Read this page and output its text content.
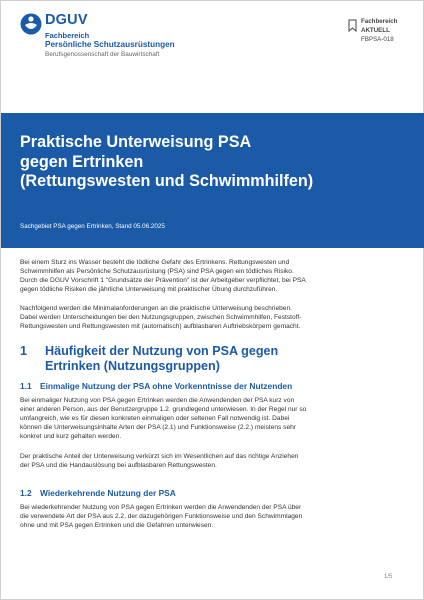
DGUV
Fachbereich
Persönliche Schutzausrüstungen
Berufsgenossenschaft der Bauwirtschaft
Fachbereich
AKTUELL
FBPSA-018
Praktische Unterweisung PSA
gegen Ertrinken
(Rettungswesten und Schwimmhilfen)
Sachgebiet PSA gegen Ertrinken, Stand 05.06.2025
Bei einem Sturz ins Wasser besteht die tödliche Gefahr des Ertrinkens. Rettungswesten und
Schwimmhilfen als Persönliche Schutzausrüstung (PSA) sind PSA gegen ein tödliches Risiko.
Durch die DGUV Vorschrift 1 "Grundsätze der Prävention" ist der Arbeitgeber verpflichtet, bei PSA
gegen tödliche Risiken die jährliche Unterweisung mit praktischer Übung durchzuführen.
Nachfolgend werden die Minimalanforderungen an die praktische Unterweisung beschrieben.
Dabei werden Unterscheidungen bei den Nutzungsgruppen, zwischen Schwimmhilfen, Feststoff-
Rettungswesten und Rettungswesten mit (automatisch) aufblasbaren Auftriebskörpern gemacht.
1 Häufigkeit der Nutzung von PSA gegen
Ertrinken (Nutzungsgruppen)
1.1 Einmalige Nutzung der PSA ohne Vorkenntnisse der Nutzenden
Bei einmaliger Nutzung von PSA gegen Ertrinken werden die Anwendenden der PSA kurz von
einer anderen Person, aus der Benutzergruppe 1.2. grundlegend unterwiesen. In der Regel nur so
umfangreich, wie es für diesen konkreten einmaligen oder seltenen Fall notwendig ist. Dabei
können die Unterweisungsinhalte Arten der PSA (2.1) und Funktionsweise (2.2.) meistens sehr
konkret und kurz gehalten werden.
Der praktische Anteil der Unterweisung verkürzt sich im Wesentlichen auf das richtige Anziehen
der PSA und die Handauslösung bei aufblasbaren Rettungswesten.
1.2 Wiederkehrende Nutzung der PSA
Bei wiederkehrender Nutzung von PSA gegen Ertrinken werden die Anwendenden der PSA über
die verwendete Art der PSA aus 2.2, der dazugehörigen Funktionsweise und den Schwimmlagen
ohne und mit PSA gegen Ertrinken und die Gefahren unterwiesen.
1/5
